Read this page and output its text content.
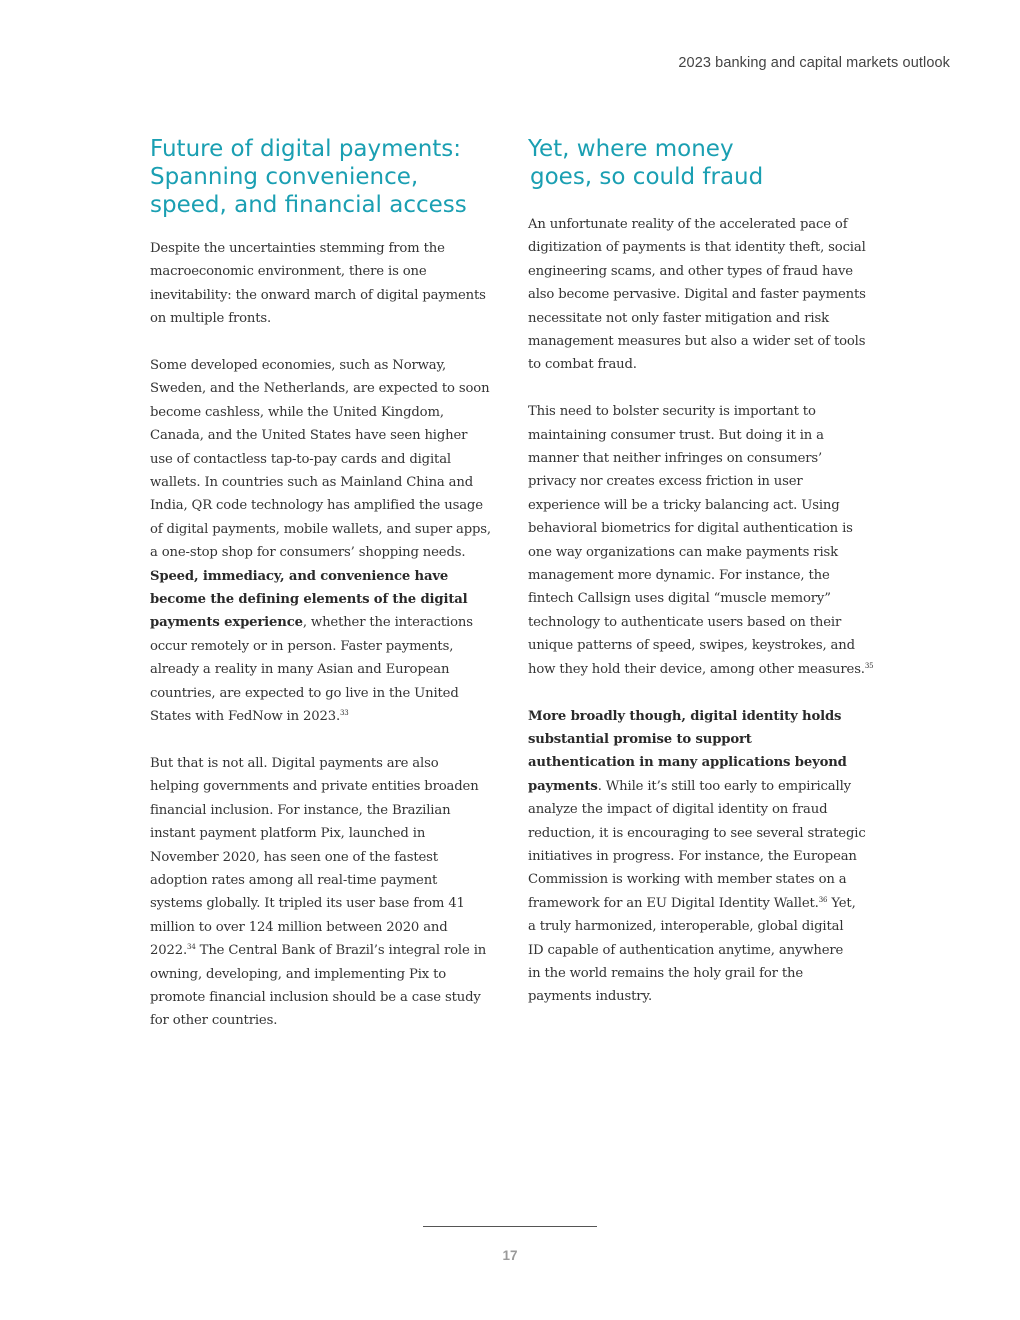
2023 banking and capital markets outlook
Future of digital payments:
Spanning convenience,
speed, and financial access

Despite the uncertainties stemming from the
macroeconomic environment, there is one
inevitability: the onward march of digital payments
on multiple fronts.

Some developed economies, such as Norway,
Sweden, and the Netherlands, are expected to soon
become cashless, while the United Kingdom,
Canada, and the United States have seen higher
use of contactless tap-to-pay cards and digital
wallets. In countries such as Mainland China and
India, QR code technology has amplified the usage
of digital payments, mobile wallets, and super apps,
a one-stop shop for consumers’ shopping needs.
Speed, immediacy, and convenience have
become the defining elements of the digital
payments experience, whether the interactions
occur remotely or in person. Faster payments,
already a reality in many Asian and European
countries, are expected to go live in the United
States with FedNow in 2023.33

But that is not all. Digital payments are also
helping governments and private entities broaden
financial inclusion. For instance, the Brazilian
instant payment platform Pix, launched in
November 2020, has seen one of the fastest
adoption rates among all real-time payment
systems globally. It tripled its user base from 41
million to over 124 million between 2020 and
2022.34 The Central Bank of Brazil’s integral role in
owning, developing, and implementing Pix to
promote financial inclusion should be a case study
for other countries.

Yet, where money
goes, so could fraud

An unfortunate reality of the accelerated pace of
digitization of payments is that identity theft, social
engineering scams, and other types of fraud have
also become pervasive. Digital and faster payments
necessitate not only faster mitigation and risk
management measures but also a wider set of tools
to combat fraud.

This need to bolster security is important to
maintaining consumer trust. But doing it in a
manner that neither infringes on consumers’
privacy nor creates excess friction in user
experience will be a tricky balancing act. Using
behavioral biometrics for digital authentication is
one way organizations can make payments risk
management more dynamic. For instance, the
fintech Callsign uses digital “muscle memory”
technology to authenticate users based on their
unique patterns of speed, swipes, keystrokes, and
how they hold their device, among other measures.$^{35}$

More broadly though, digital identity holds
substantial promise to support
authentication in many applications beyond
payments. While it’s still too early to empirically
analyze the impact of digital identity on fraud
reduction, it is encouraging to see several strategic
initiatives in progress. For instance, the European
Commission is working with member states on a
framework for an EU Digital Identity Wallet.$^{36}$ Yet,
a truly harmonized, interoperable, global digital
ID capable of authentication anytime, anywhere
in the world remains the holy grail for the
payments industry.

17
